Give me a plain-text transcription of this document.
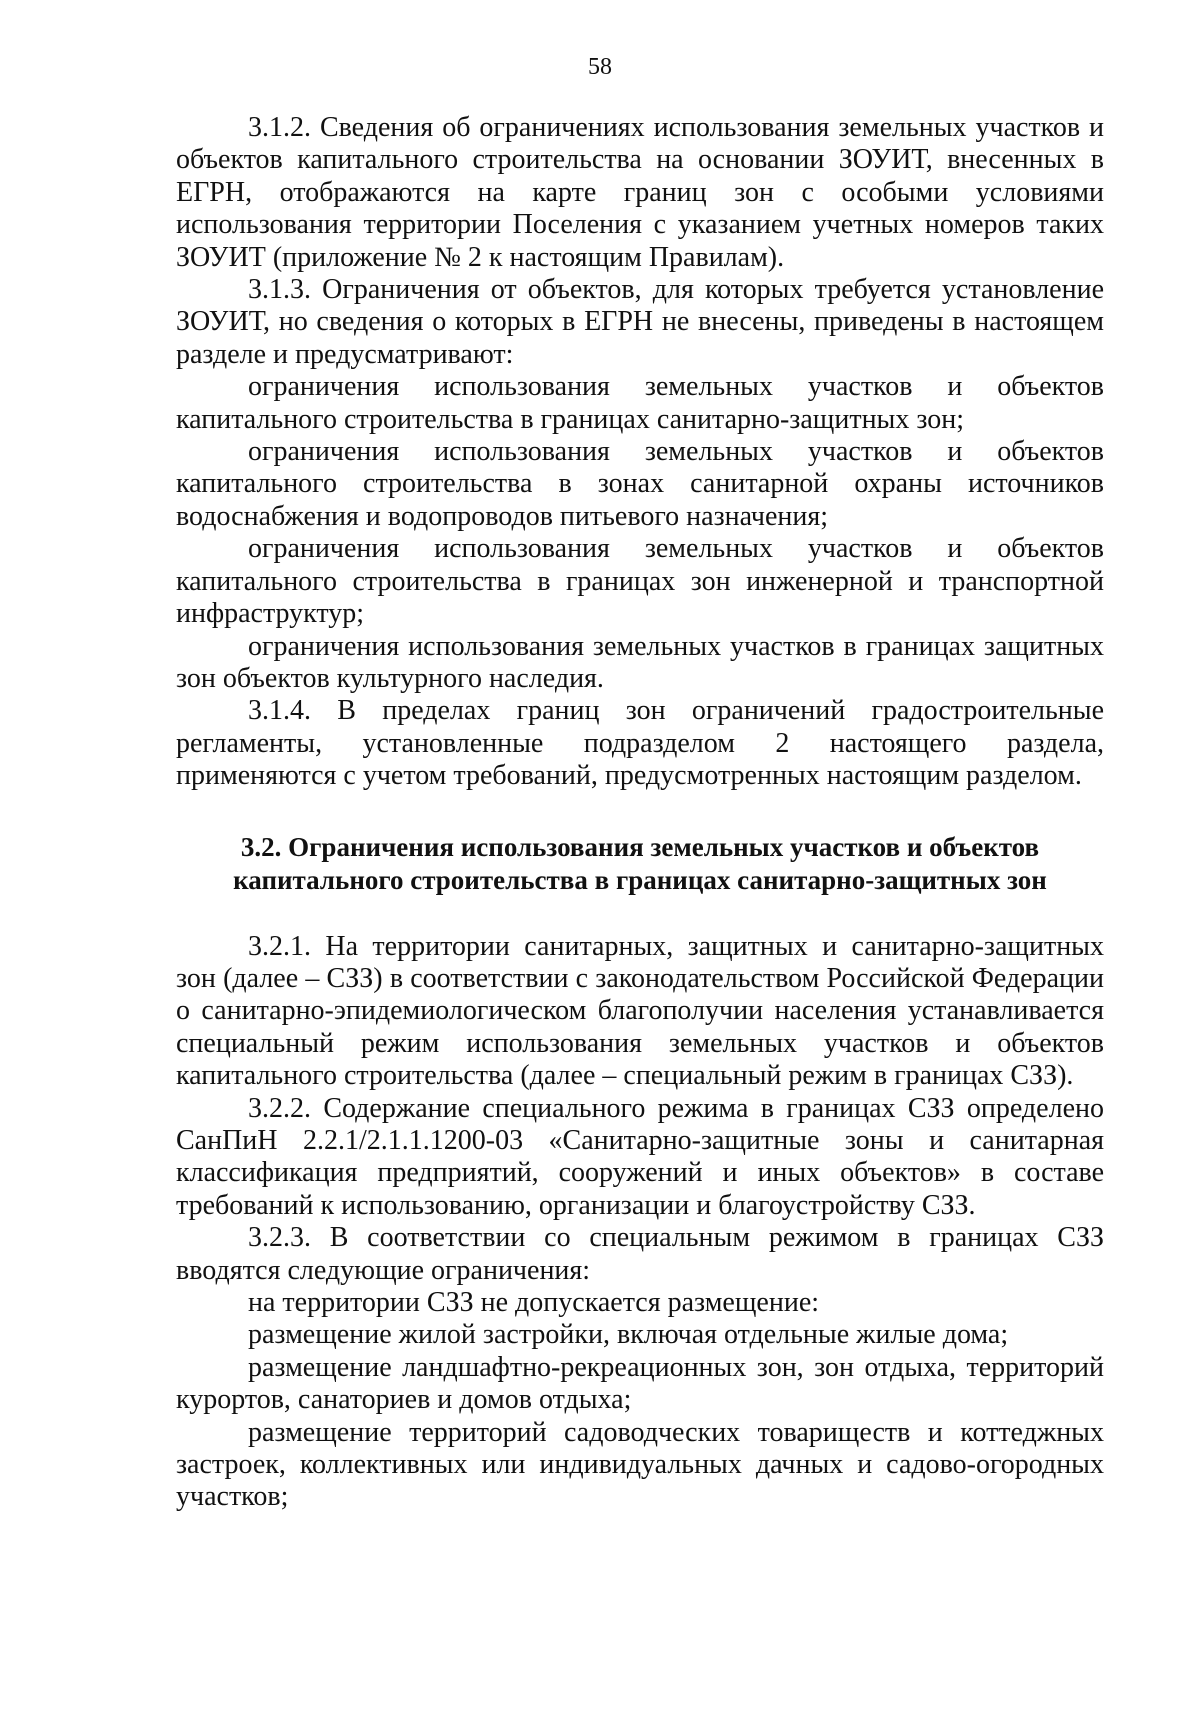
58

3.1.2. Сведения об ограничениях использования земельных участков и объектов капитального строительства на основании ЗОУИТ, внесенных в ЕГРН, отображаются на карте границ зон с особыми условиями использования территории Поселения с указанием учетных номеров таких ЗОУИТ (приложение № 2 к настоящим Правилам).

3.1.3. Ограничения от объектов, для которых требуется установление ЗОУИТ, но сведения о которых в ЕГРН не внесены, приведены в настоящем разделе и предусматривают:

ограничения использования земельных участков и объектов капитального строительства в границах санитарно-защитных зон;

ограничения использования земельных участков и объектов капитального строительства в зонах санитарной охраны источников водоснабжения и водопроводов питьевого назначения;

ограничения использования земельных участков и объектов капитального строительства в границах зон инженерной и транспортной инфраструктур;

ограничения использования земельных участков в границах защитных зон объектов культурного наследия.

3.1.4. В пределах границ зон ограничений градостроительные регламенты, установленные подразделом 2 настоящего раздела, применяются с учетом требований, предусмотренных настоящим разделом.

3.2. Ограничения использования земельных участков и объектов
капитального строительства в границах санитарно-защитных зон

3.2.1. На территории санитарных, защитных и санитарно-защитных зон (далее – СЗЗ) в соответствии с законодательством Российской Федерации о санитарно-эпидемиологическом благополучии населения устанавливается специальный режим использования земельных участков и объектов капитального строительства (далее – специальный режим в границах СЗЗ).

3.2.2. Содержание специального режима в границах СЗЗ определено СанПиН 2.2.1/2.1.1.1200-03 «Санитарно-защитные зоны и санитарная классификация предприятий, сооружений и иных объектов» в составе требований к использованию, организации и благоустройству СЗЗ.

3.2.3. В соответствии со специальным режимом в границах СЗЗ вводятся следующие ограничения:

на территории СЗЗ не допускается размещение:

размещение жилой застройки, включая отдельные жилые дома;

размещение ландшафтно-рекреационных зон, зон отдыха, территорий курортов, санаториев и домов отдыха;

размещение территорий садоводческих товариществ и коттеджных застроек, коллективных или индивидуальных дачных и садово-огородных участков;
